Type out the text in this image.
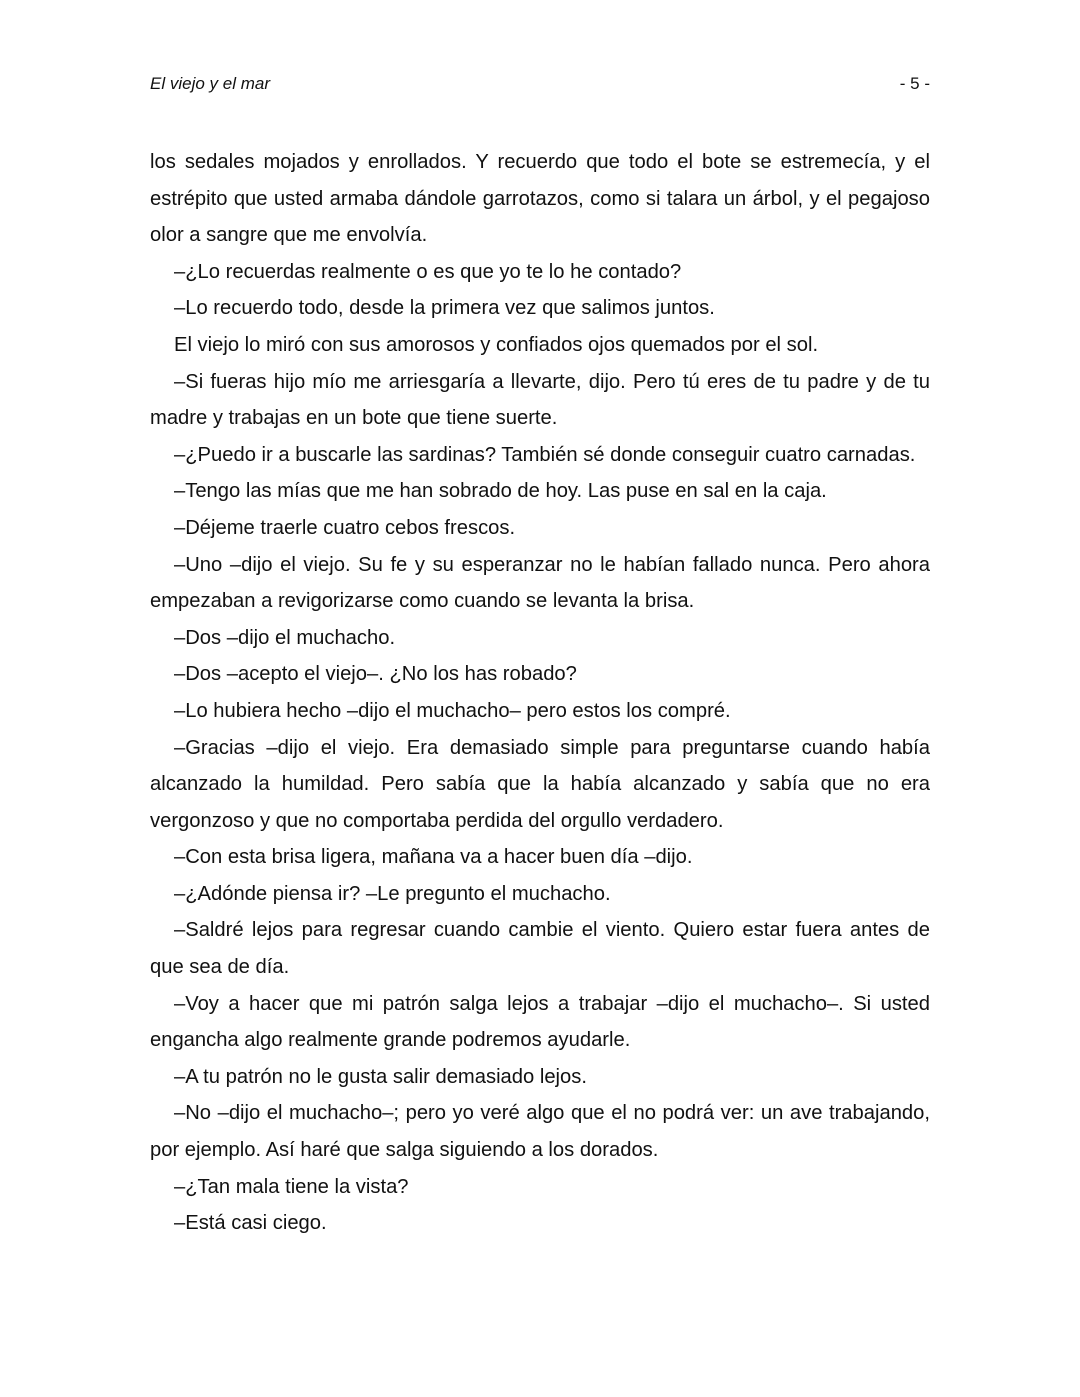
El viejo y el mar	- 5 -

los sedales mojados y enrollados. Y recuerdo que todo el bote se estremecía, y el estrépito que usted armaba dándole garrotazos, como si talara un árbol, y el pegajoso olor a sangre que me envolvía.

–¿Lo recuerdas realmente o es que yo te lo he contado?

–Lo recuerdo todo, desde la primera vez que salimos juntos.

El viejo lo miró con sus amorosos y confiados ojos quemados por el sol.

–Si fueras hijo mío me arriesgaría a llevarte, dijo. Pero tú eres de tu padre y de tu madre y trabajas en un bote que tiene suerte.

–¿Puedo ir a buscarle las sardinas? También sé donde conseguir cuatro carnadas.

–Tengo las mías que me han sobrado de hoy. Las puse en sal en la caja.

–Déjeme traerle cuatro cebos frescos.

–Uno –dijo el viejo. Su fe y su esperanzar no le habían fallado nunca. Pero ahora empezaban a revigorizarse como cuando se levanta la brisa.

–Dos –dijo el muchacho.

–Dos –acepto el viejo–. ¿No los has robado?

–Lo hubiera hecho –dijo el muchacho– pero estos los compré.

–Gracias –dijo el viejo. Era demasiado simple para preguntarse cuando había alcanzado la humildad. Pero sabía que la había alcanzado y sabía que no era vergonzoso y que no comportaba perdida del orgullo verdadero.

–Con esta brisa ligera, mañana va a hacer buen día –dijo.

–¿Adónde piensa ir? –Le pregunto el muchacho.

–Saldré lejos para regresar cuando cambie el viento. Quiero estar fuera antes de que sea de día.

–Voy a hacer que mi patrón salga lejos a trabajar –dijo el muchacho–. Si usted engancha algo realmente grande podremos ayudarle.

–A tu patrón no le gusta salir demasiado lejos.

–No –dijo el muchacho–; pero yo veré algo que el no podrá ver: un ave trabajando, por ejemplo. Así haré que salga siguiendo a los dorados.

–¿Tan mala tiene la vista?

–Está casi ciego.
